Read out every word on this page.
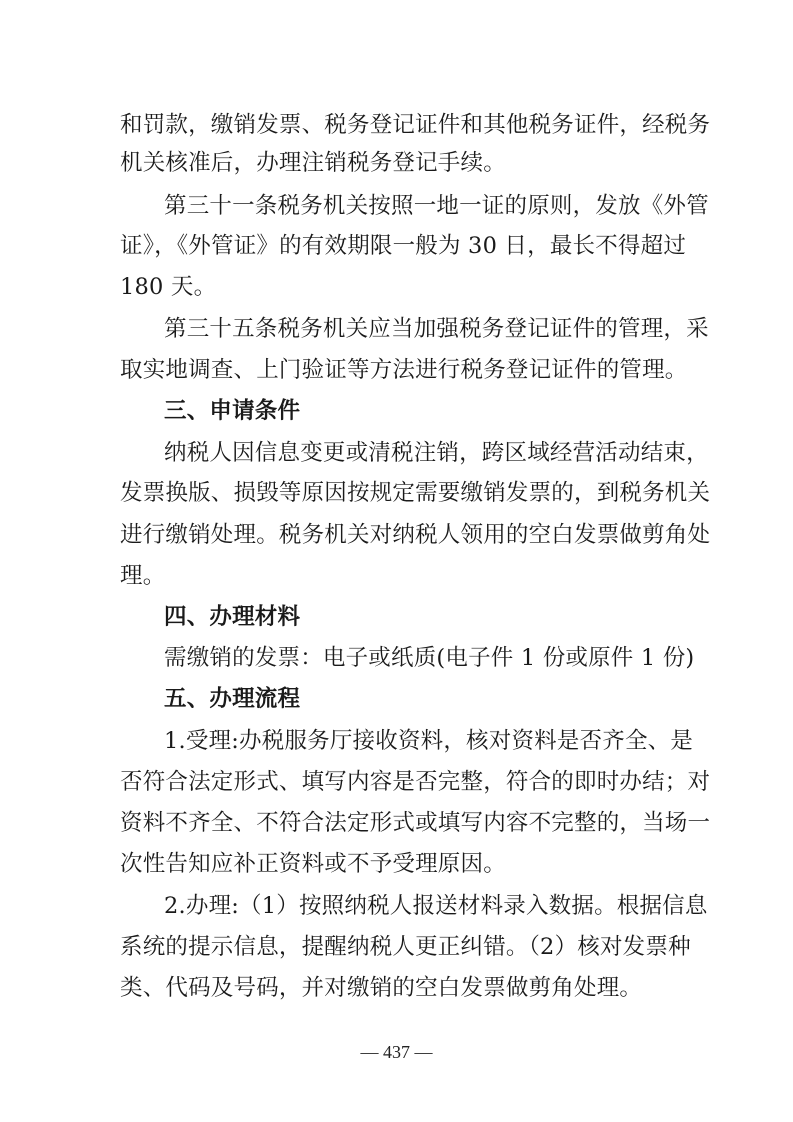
和罚款，缴销发票、税务登记证件和其他税务证件，经税务
机关核准后，办理注销税务登记手续。
第三十一条税务机关按照一地一证的原则，发放《外管
证》，《外管证》的有效期限一般为 30 日，最长不得超过
180 天。
第三十五条税务机关应当加强税务登记证件的管理，采
取实地调查、上门验证等方法进行税务登记证件的管理。
三、申请条件
纳税人因信息变更或清税注销，跨区域经营活动结束，
发票换版、损毁等原因按规定需要缴销发票的，到税务机关
进行缴销处理。税务机关对纳税人领用的空白发票做剪角处
理。
四、办理材料
需缴销的发票：电子或纸质(电子件 1 份或原件 1 份)
五、办理流程
1.受理:办税服务厅接收资料，核对资料是否齐全、是
否符合法定形式、填写内容是否完整，符合的即时办结；对
资料不齐全、不符合法定形式或填写内容不完整的，当场一
次性告知应补正资料或不予受理原因。
2.办理:（1）按照纳税人报送材料录入数据。根据信息
系统的提示信息，提醒纳税人更正纠错。（2）核对发票种
类、代码及号码，并对缴销的空白发票做剪角处理。
— 437 —
